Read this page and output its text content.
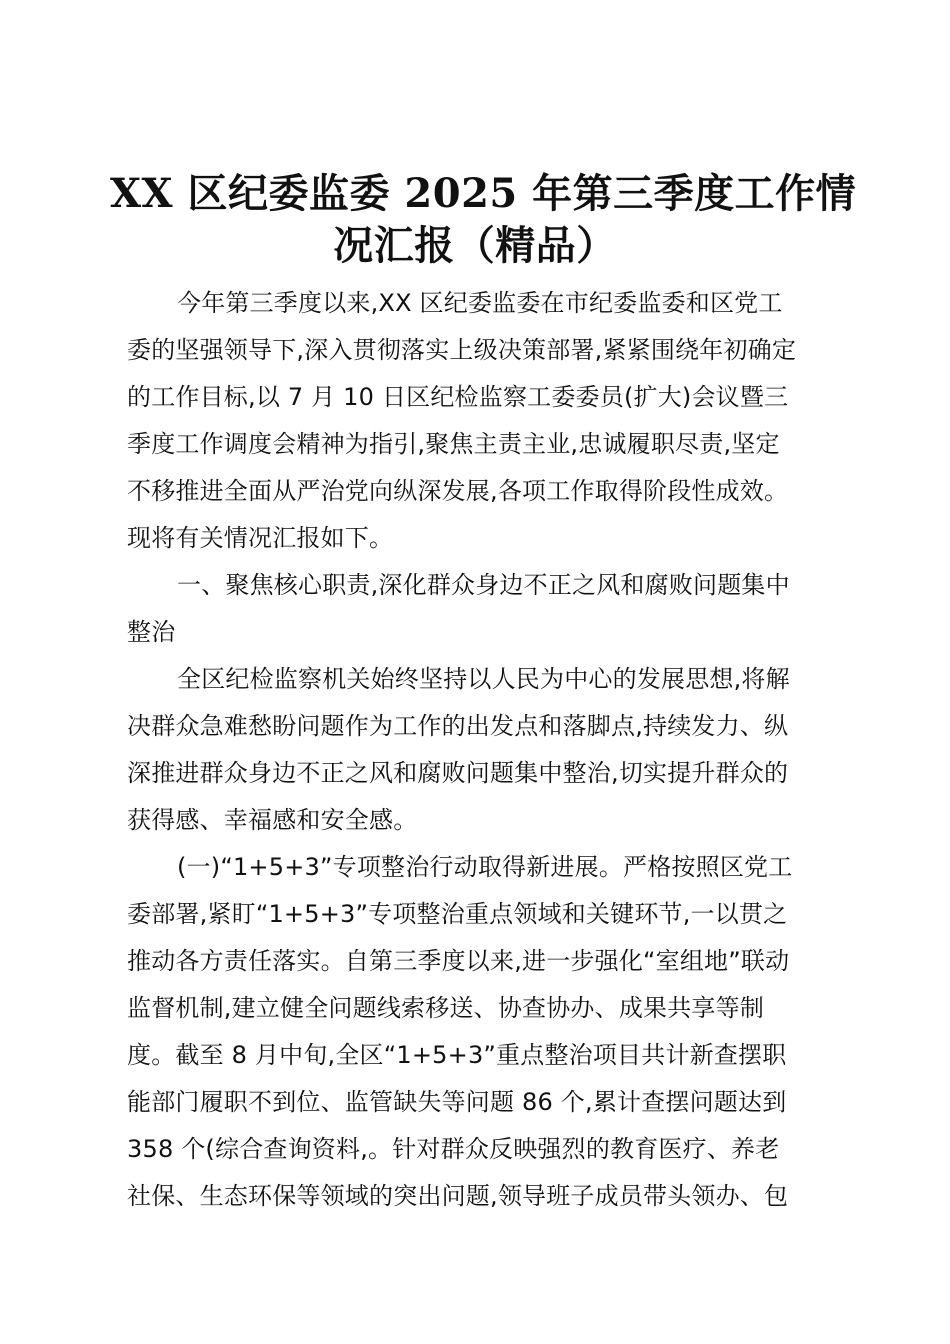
XX 区纪委监委 2025 年第三季度工作情
况汇报（精品）
今年第三季度以来,XX 区纪委监委在市纪委监委和区党工
委的坚强领导下,深入贯彻落实上级决策部署,紧紧围绕年初确定
的工作目标,以 7 月 10 日区纪检监察工委委员(扩大)会议暨三
季度工作调度会精神为指引,聚焦主责主业,忠诚履职尽责,坚定
不移推进全面从严治党向纵深发展,各项工作取得阶段性成效。
现将有关情况汇报如下。
一、聚焦核心职责,深化群众身边不正之风和腐败问题集中
整治
全区纪检监察机关始终坚持以人民为中心的发展思想,将解
决群众急难愁盼问题作为工作的出发点和落脚点,持续发力、纵
深推进群众身边不正之风和腐败问题集中整治,切实提升群众的
获得感、幸福感和安全感。
(一)“1+5+3”专项整治行动取得新进展。严格按照区党工
委部署,紧盯“1+5+3”专项整治重点领域和关键环节,一以贯之
推动各方责任落实。自第三季度以来,进一步强化“室组地”联动
监督机制,建立健全问题线索移送、协查协办、成果共享等制
度。截至 8 月中旬,全区“1+5+3”重点整治项目共计新查摆职
能部门履职不到位、监管缺失等问题 86 个,累计查摆问题达到
358 个(综合查询资料,。针对群众反映强烈的教育医疗、养老
社保、生态环保等领域的突出问题,领导班子成员带头领办、包
